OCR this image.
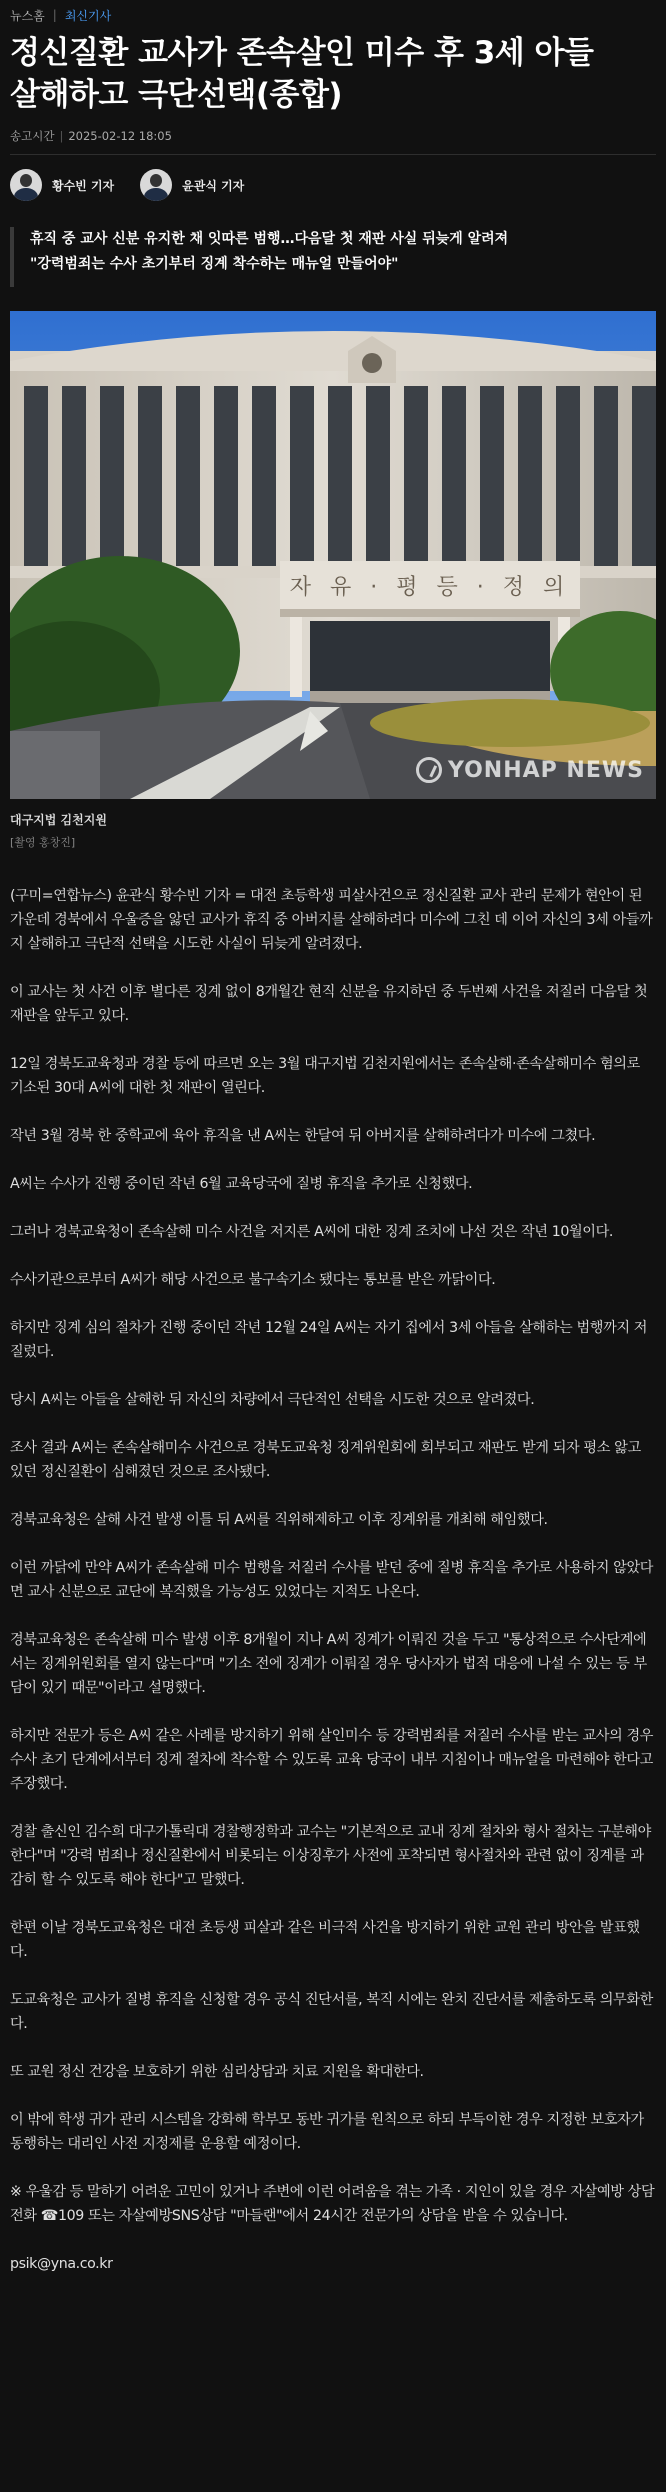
뉴스홈 | 최신기사
정신질환 교사가 존속살인 미수 후 3세 아들
살해하고 극단선택(종합)
송고시간 | 2025-02-12 18:05
황수빈 기자	윤관식 기자
휴직 중 교사 신분 유지한 채 잇따른 범행…다음달 첫 재판 사실 뒤늦게 알려져
"강력범죄는 수사 초기부터 징계 착수하는 매뉴얼 만들어야"
자 유 · 평 등 · 정 의
YONHAP NEWS
대구지법 김천지원
[촬영 홍창진]

(구미=연합뉴스) 윤관식 황수빈 기자 = 대전 초등학생 피살사건으로 정신질환 교사 관리 문제가 현안이 된 가운데 경북에서 우울증을 앓던 교사가 휴직 중 아버지를 살해하려다 미수에 그친 데 이어 자신의 3세 아들까지 살해하고 극단적 선택을 시도한 사실이 뒤늦게 알려졌다.

이 교사는 첫 사건 이후 별다른 징계 없이 8개월간 현직 신분을 유지하던 중 두번째 사건을 저질러 다음달 첫 재판을 앞두고 있다.

12일 경북도교육청과 경찰 등에 따르면 오는 3월 대구지법 김천지원에서는 존속살해·존속살해미수 혐의로 기소된 30대 A씨에 대한 첫 재판이 열린다.

작년 3월 경북 한 중학교에 육아 휴직을 낸 A씨는 한달여 뒤 아버지를 살해하려다가 미수에 그쳤다.

A씨는 수사가 진행 중이던 작년 6월 교육당국에 질병 휴직을 추가로 신청했다.

그러나 경북교육청이 존속살해 미수 사건을 저지른 A씨에 대한 징계 조치에 나선 것은 작년 10월이다.

수사기관으로부터 A씨가 해당 사건으로 불구속기소 됐다는 통보를 받은 까닭이다.

하지만 징계 심의 절차가 진행 중이던 작년 12월 24일 A씨는 자기 집에서 3세 아들을 살해하는 범행까지 저질렀다.

당시 A씨는 아들을 살해한 뒤 자신의 차량에서 극단적인 선택을 시도한 것으로 알려졌다.

조사 결과 A씨는 존속살해미수 사건으로 경북도교육청 징계위원회에 회부되고 재판도 받게 되자 평소 앓고 있던 정신질환이 심해졌던 것으로 조사됐다.

경북교육청은 살해 사건 발생 이틀 뒤 A씨를 직위해제하고 이후 징계위를 개최해 해임했다.

이런 까닭에 만약 A씨가 존속살해 미수 범행을 저질러 수사를 받던 중에 질병 휴직을 추가로 사용하지 않았다면 교사 신분으로 교단에 복직했을 가능성도 있었다는 지적도 나온다.

경북교육청은 존속살해 미수 발생 이후 8개월이 지나 A씨 징계가 이뤄진 것을 두고 "통상적으로 수사단계에서는 징계위원회를 열지 않는다"며 "기소 전에 징계가 이뤄질 경우 당사자가 법적 대응에 나설 수 있는 등 부담이 있기 때문"이라고 설명했다.

하지만 전문가 등은 A씨 같은 사례를 방지하기 위해 살인미수 등 강력범죄를 저질러 수사를 받는 교사의 경우 수사 초기 단계에서부터 징계 절차에 착수할 수 있도록 교육 당국이 내부 지침이나 매뉴얼을 마련해야 한다고 주장했다.

경찰 출신인 김수희 대구가톨릭대 경찰행정학과 교수는 "기본적으로 교내 징계 절차와 형사 절차는 구분해야 한다"며 "강력 범죄나 정신질환에서 비롯되는 이상징후가 사전에 포착되면 형사절차와 관련 없이 징계를 과감히 할 수 있도록 해야 한다"고 말했다.

한편 이날 경북도교육청은 대전 초등생 피살과 같은 비극적 사건을 방지하기 위한 교원 관리 방안을 발표했다.

도교육청은 교사가 질병 휴직을 신청할 경우 공식 진단서를, 복직 시에는 완치 진단서를 제출하도록 의무화한다.

또 교원 정신 건강을 보호하기 위한 심리상담과 치료 지원을 확대한다.

이 밖에 학생 귀가 관리 시스템을 강화해 학부모 동반 귀가를 원칙으로 하되 부득이한 경우 지정한 보호자가 동행하는 대리인 사전 지정제를 운용할 예정이다.

※ 우울감 등 말하기 어려운 고민이 있거나 주변에 이런 어려움을 겪는 가족 · 지인이 있을 경우 자살예방 상담전화 ☎109 또는 자살예방SNS상담 "마들랜"에서 24시간 전문가의 상담을 받을 수 있습니다.

psik@yna.co.kr
